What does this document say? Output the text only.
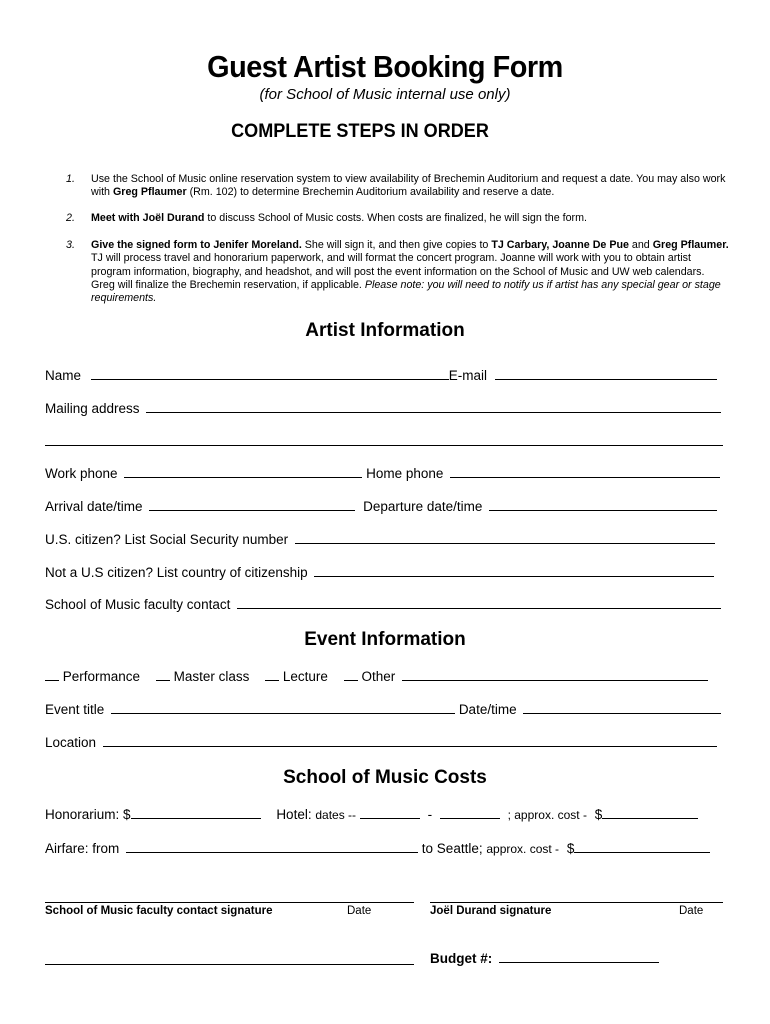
Guest Artist Booking Form
(for School of Music internal use only)
COMPLETE STEPS IN ORDER
1. Use the School of Music online reservation system to view availability of Brechemin Auditorium and request a date. You may also work with Greg Pflaumer (Rm. 102) to determine Brechemin Auditorium availability and reserve a date.
2. Meet with Joël Durand to discuss School of Music costs. When costs are finalized, he will sign the form.
3. Give the signed form to Jenifer Moreland. She will sign it, and then give copies to TJ Carbary, Joanne De Pue and Greg Pflaumer. TJ will process travel and honorarium paperwork, and will format the concert program. Joanne will work with you to obtain artist program information, biography, and headshot, and will post the event information on the School of Music and UW web calendars. Greg will finalize the Brechemin reservation, if applicable. Please note: you will need to notify us if artist has any special gear or stage requirements.
Artist Information
Name	E-mail
Mailing address
Work phone	Home phone
Arrival date/time	Departure date/time
U.S. citizen? List Social Security number
Not a U.S citizen? List country of citizenship
School of Music faculty contact
Event Information
Performance Master class Lecture Other
Event title	Date/time
Location
School of Music Costs
Honorarium: $	Hotel: dates --	-	; approx. cost - $
Airfare: from	to Seattle; approx. cost - $
School of Music faculty contact signature	Date	Joël Durand signature	Date
Budget #:
